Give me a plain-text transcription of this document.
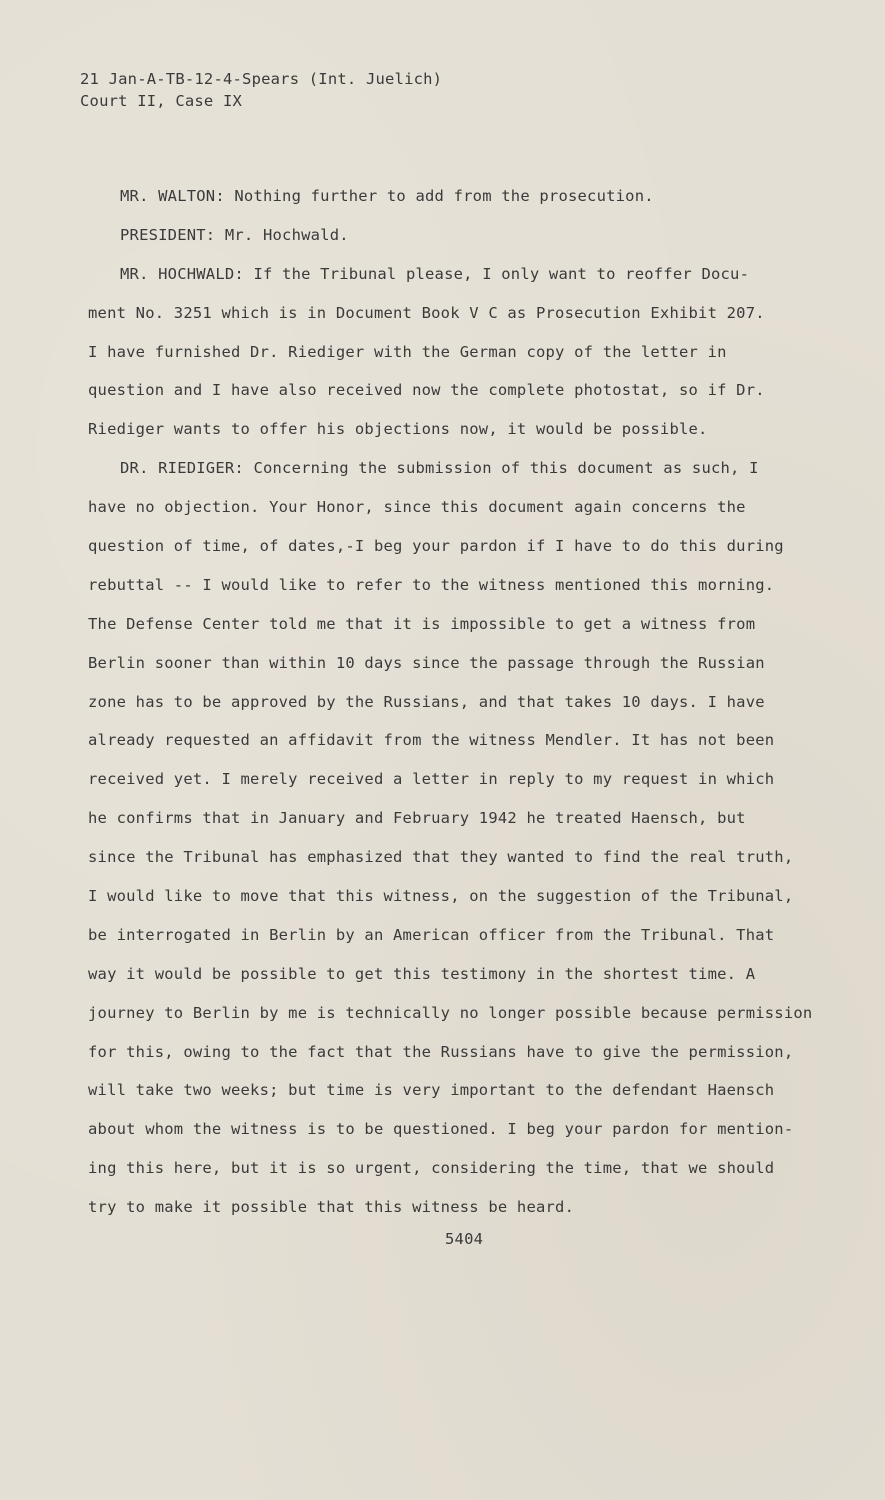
21 Jan-A-TB-12-4-Spears (Int. Juelich)
Court II, Case IX
MR. WALTON: Nothing further to add from the prosecution.
PRESIDENT: Mr. Hochwald.
MR. HOCHWALD: If the Tribunal please, I only want to reoffer Docu-
ment No. 3251 which is in Document Book V C as Prosecution Exhibit 207.
I have furnished Dr. Riediger with the German copy of the letter in
question and I have also received now the complete photostat, so if Dr.
Riediger wants to offer his objections now, it would be possible.
DR. RIEDIGER: Concerning the submission of this document as such, I
have no objection. Your Honor, since this document again concerns the
question of time, of dates,-I beg your pardon if I have to do this during
rebuttal -- I would like to refer to the witness mentioned this morning.
The Defense Center told me that it is impossible to get a witness from
Berlin sooner than within 10 days since the passage through the Russian
zone has to be approved by the Russians, and that takes 10 days. I have
already requested an affidavit from the witness Mendler. It has not been
received yet. I merely received a letter in reply to my request in which
he confirms that in January and February 1942 he treated Haensch, but
since the Tribunal has emphasized that they wanted to find the real truth,
I would like to move that this witness, on the suggestion of the Tribunal,
be interrogated in Berlin by an American officer from the Tribunal. That
way it would be possible to get this testimony in the shortest time. A
journey to Berlin by me is technically no longer possible because permission
for this, owing to the fact that the Russians have to give the permission,
will take two weeks; but time is very important to the defendant Haensch
about whom the witness is to be questioned. I beg your pardon for mention-
ing this here, but it is so urgent, considering the time, that we should
try to make it possible that this witness be heard.
5404
